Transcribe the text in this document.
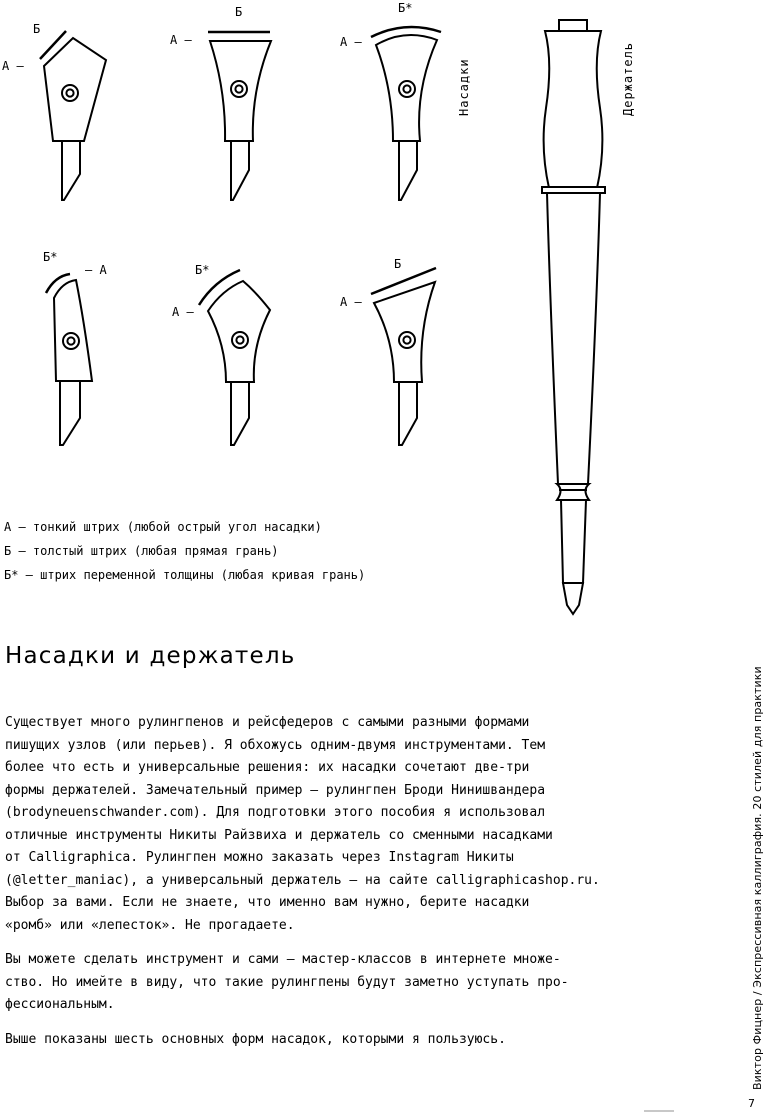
Б
А —
Б
А —
Б*
А —
Б*
— А	Б*
А —
Б
А —
Насадки	Держатель
А — тонкий штрих (любой острый угол насадки)
Б — толстый штрих (любая прямая грань)
Б* — штрих переменной толщины (любая кривая грань)
Насадки и держатель

Существует много рулингпенов и рейсфедеров с самыми разными формами
пишущих узлов (или перьев). Я обхожусь одним-двумя инструментами. Тем
более что есть и универсальные решения: их насадки сочетают две-три
формы держателей. Замечательный пример — рулингпен Броди Нинишвандера
(brodyneuenschwander.com). Для подготовки этого пособия я использовал
отличные инструменты Никиты Райзвиха и держатель со сменными насадками
от Calligraphica. Рулингпен можно заказать через Instagram Никиты
(@letter_maniac), а универсальный держатель — на сайте calligraphicashop.ru.
Выбор за вами. Если не знаете, что именно вам нужно, берите насадки
«ромб» или «лепесток». Не прогадаете.

Вы можете сделать инструмент и сами — мастер-классов в интернете множе-
ство. Но имейте в виду, что такие рулингпены будут заметно уступать про-
фессиональным.

Выше показаны шесть основных форм насадок, которыми я пользуюсь.	Виктор Фицнер / Экспрессивная каллиграфия. 20 стилей для практики
7
